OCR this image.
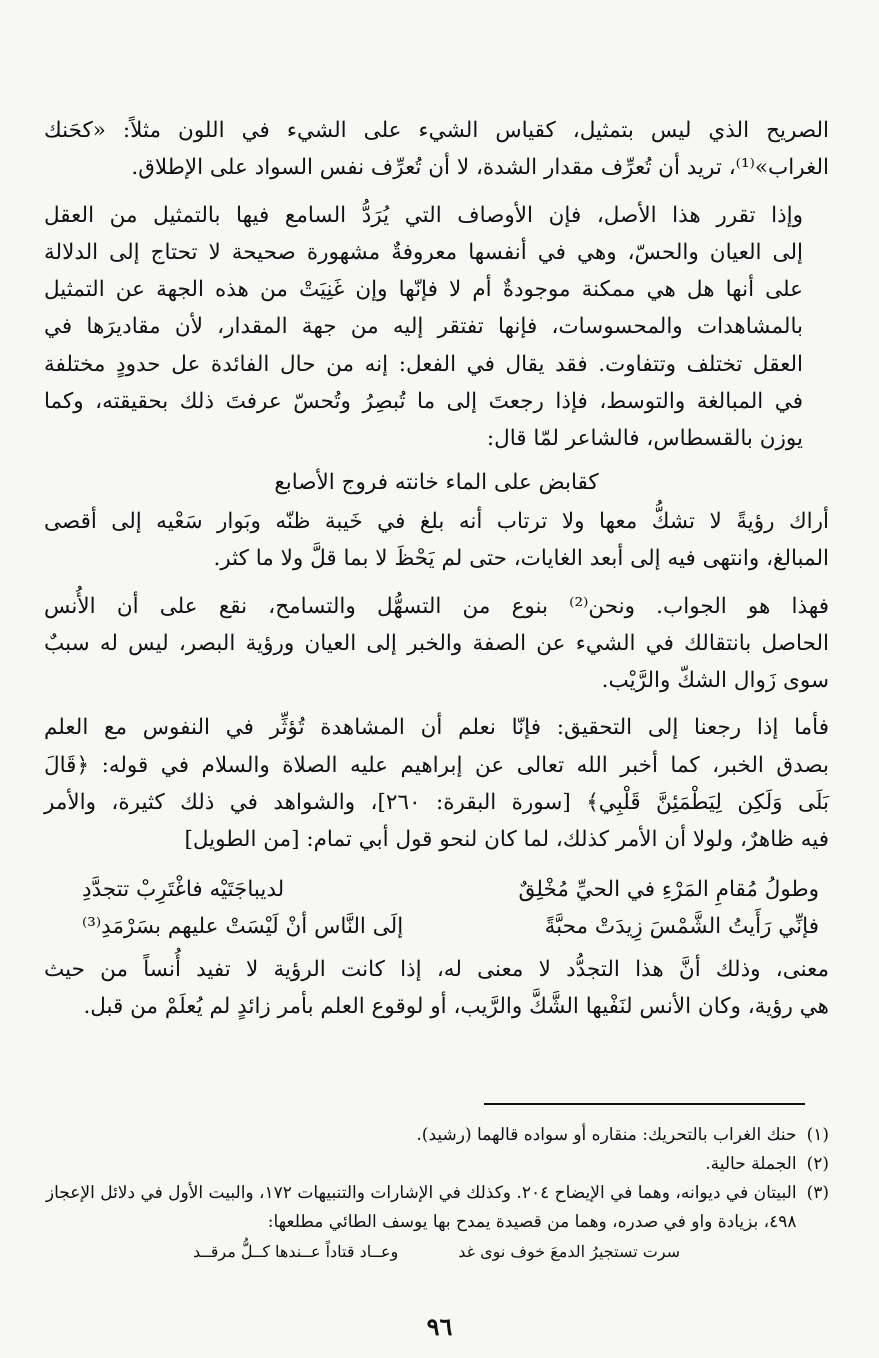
الصريح الذي ليس بتمثيل، كقياس الشيء على الشيء في اللون مثلاً: «كحَنك
الغراب»⁽¹⁾، تريد أن تُعرِّف مقدار الشدة، لا أن تُعرِّف نفس السواد على الإطلاق.
وإذا تقرر هذا الأصل، فإن الأوصاف التي يُرَدُّ السامع فيها بالتمثيل من العقل
إلى العيان والحسّ، وهي في أنفسها معروفةٌ مشهورة صحيحة لا تحتاج إلى الدلالة
على أنها هل هي ممكنة موجودةٌ أم لا فإنّها وإن غَنِيَتْ من هذه الجهة عن التمثيل
بالمشاهدات والمحسوسات، فإنها تفتقر إليه من جهة المقدار، لأن مقاديرَها في
العقل تختلف وتتفاوت. فقد يقال في الفعل: إنه من حال الفائدة عل حدودٍ مختلفة
في المبالغة والتوسط، فإذا رجعتَ إلى ما تُبصِرُ وتُحسّ عرفتَ ذلك بحقيقته، وكما
يوزن بالقسطاس، فالشاعر لمّا قال:
كقابض على الماء خانته فروج الأصابع
أراك رؤيةً لا تشكُّ معها ولا ترتاب أنه بلغ في خَيبة ظنّه وبَوار سَعْيه إلى أقصى
المبالغ، وانتهى فيه إلى أبعد الغايات، حتى لم يَحْظَ لا بما قلَّ ولا ما كثر.
فهذا هو الجواب. ونحن⁽²⁾ بنوع من التسهُّل والتسامح، نقع على أن الأُنس
الحاصل بانتقالك في الشيء عن الصفة والخبر إلى العيان ورؤية البصر، ليس له سببٌ
سوى زَوال الشكّ والرَّيْب.
فأما إذا رجعنا إلى التحقيق: فإنّا نعلم أن المشاهدة تُؤثِّر في النفوس مع العلم
بصدق الخبر، كما أخبر الله تعالى عن إبراهيم عليه الصلاة والسلام في قوله: ﴿قَالَ
بَلَى وَلَكِن لِيَطْمَئِنَّ قَلْبِي﴾ [سورة البقرة: ٢٦٠]، والشواهد في ذلك كثيرة، والأمر
فيه ظاهرٌ، ولولا أن الأمر كذلك، لما كان لنحو قول أبي تمام: [من الطويل]
وطولُ مُقامِ المَرْءِ في الحيِّ مُخْلِقٌ
لديباجَتَيْه فاغْتَرِبْ تتجدَّدِ
فإنِّي رَأَيتُ الشَّمْسَ زِيدَتْ محبَّةً
إلَى النَّاس أنْ لَيْسَتْ عليهم بسَرْمَدِ⁽³⁾
معنى، وذلك أنَّ هذا التجدُّد لا معنى له، إذا كانت الرؤية لا تفيد أُنساً من حيث
هي رؤية، وكان الأنس لنَفْيها الشَّكَّ والرَّيب، أو لوقوع العلم بأمر زائدٍ لم يُعلَمْ من قبل.
(١)
حنك الغراب بالتحريك: منقاره أو سواده قالهما (رشيد).
(٢)
الجملة حالية.
(٣)
البيتان في ديوانه، وهما في الإيضاح ٢٠٤. وكذلك في الإشارات والتنبيهات ١٧٢، والبيت الأول في دلائل الإعجاز ٤٩٨، بزيادة واو في صدره، وهما من قصيدة يمدح بها يوسف الطائي مطلعها:
سرت تستجيرُ الدمعَ خوف نوى غد
وعــاد قتاداً عــندها كــلُّ مرقــد
٩٦
